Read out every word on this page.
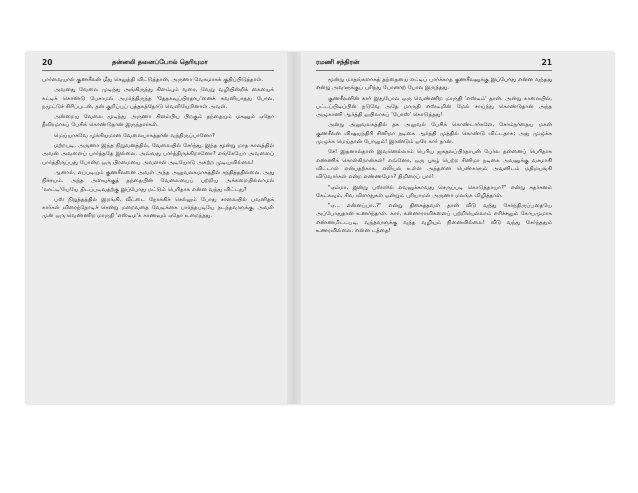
20	தன்னலி தனைப்போல் தெரியுமா

பார்வையால் குணசீலன் மீது செலுத்தி விட்டுத்தான், அருணா வேகமாகக் குதிப்பிடுத்தாள்.

அவனது வேலை முடிந்து அங்கிருந்து கிளம்பும் வரை, வேறு வழியின்றிக் கையைக் கட்டிக் கொண்டு பேசாமல் அமர்ந்திருந்த 'தேதகவுப்பிரதாப'னைக் கவனியாதது போல, நமுட்டுச் சிரிப்புடன், தன் குறிப்புப் புத்தகத்தோடு வெளியேறினாள் அவள்.

அன்றைய வேலை முடிந்து அருணா கிளம்பிய பிறகும் தந்தையும் மகனும் ஏதோ தீவிரமாகப் பேசிக் கொண்டுதான் இருந்தார்கள்.

மெய்யாகவே முக்கியமான வேலையாகத்தான் வந்திருப்பானோ?

மற்றபடி, அருணா இந்த நிறுவனத்தில், வேலையில் சேர்ந்து, இந்த மூன்று மாத காலத்தில் அவன் அவளைப் பார்த்ததே இல்லை. அவ்வது பார்த்திருக்கிறானோ? எங்கேயோ அவளைப் பார்த்திருப்பது போன்ற ஒரு பிரமையை அவளால் அடியோடு அகற்ற முடியவில்லை!

ஆனால், எப்படியும் குணசீலனை அவள் அந்த அலுவலகமாகத்தில் சந்தித்ததில்லை. அது நிச்சயம். அந்த அளவுக்குத் தந்தையின் வேலையைப் பற்றிய அக்கறையில்லாமல் 'லாட்டி'யேயே திடப்படிவதற்கு இப்போது மட்டும் பெரிதாக என்ன வந்து விட்டது?

பஸ் நிறுத்தத்தில் இறங்கி, வீட்டை நோக்கிச் செல்லும் போது சாலையில் பவனிதக் கார்கள் விரைந்தோடிச் சென்று மறைவதை வேடிக்கை பார்த்தபடியே நடந்தவளுக்கு, அவள் முன் ஒரு வெண்ணிற மாருதி 'எஸ்டீம'க் காணவும் ஏதோ உறைந்தது.

ரமணி சந்திரன்	21

மூன்று மாதங்களாகத் தந்தையை எட்டிப் பார்க்காத குணசீலனுக்கு இப்போது என்ன வந்தது என்று அவளுக்குப் புரிந்து போனாற் போல இருந்தது.

குணசீலனின் கார் இதுபோல ஒரு வெண்ணிற மாருதி 'எஸ்டீம்' தான். அன்று காலையில், பட்டப்பிடிப்பின் நடுவே அதே மாருதி எஸ்டீமின் மேல் சாய்ந்து கொண்டுதான் அந்த அழுகாணி ஆர்த்தி ஒயிலாகப் 'போஸ்' கொடுத்தது!

அன்று அலுவலகத்தில் தக அலுவல் பேசிக் கொண்டார்களே, சோம்நாதைய மகன் குணசீலன் விஷயந்திரி சினிமா நடிகை ஆர்த்தி முத்தில் கொண்டு விட்டதாக; அது முழுக்க முழுக்க மெய்தான் போலும்! இரண்டும் ஒரே கார் தான்.

சே! இதனால்தான் இவனெல்லாம் பெரிய ஜகதலப்பிரதாபன் போல தன்னைப் பெரிதாக எண்ணிக் கொள்கிறான்கள்! எவ்னோ, ஒரு புகழ் பெற்ற சினிமா நடிகை அவனுக்கு வசமாகி விட்டாள் என்பதற்காக, எலியல் உள்ள அத்தனை பெண்களும் அவனிடம் மதிமயங்கி விடுவார்கள் என்ற எண்ணமோ? திமிரைப் பார்!

"ஏம்மா, இன்று பஸ்ஸில் எவனுக்காவது செருப்படி கொடுத்தாயா?" என்று சுதர்சனம் கேட்கவும், சிவ விளாதுகள் ஒன்றும் புரியாமல் அருணா மலங்க விழித்தாள்.

"ஏ... என்னப்பா..?" என்று திகைத்தவள் தான் வீடு வந்து சேர்ந்திருப்பதையே அப்போதுதான் உணர்ந்தாள். கார், கன்னாராவிகளைப் பற்றியெல்லாம் எரிச்சலும் கோபமுமாக எண்ணமிட்டபடி, வந்தவளுக்கு வந்த வழியும் நினைவில்லை! வீடு வந்து சேர்ந்ததும் உணரவில்லை. என்ன டத்தை!
